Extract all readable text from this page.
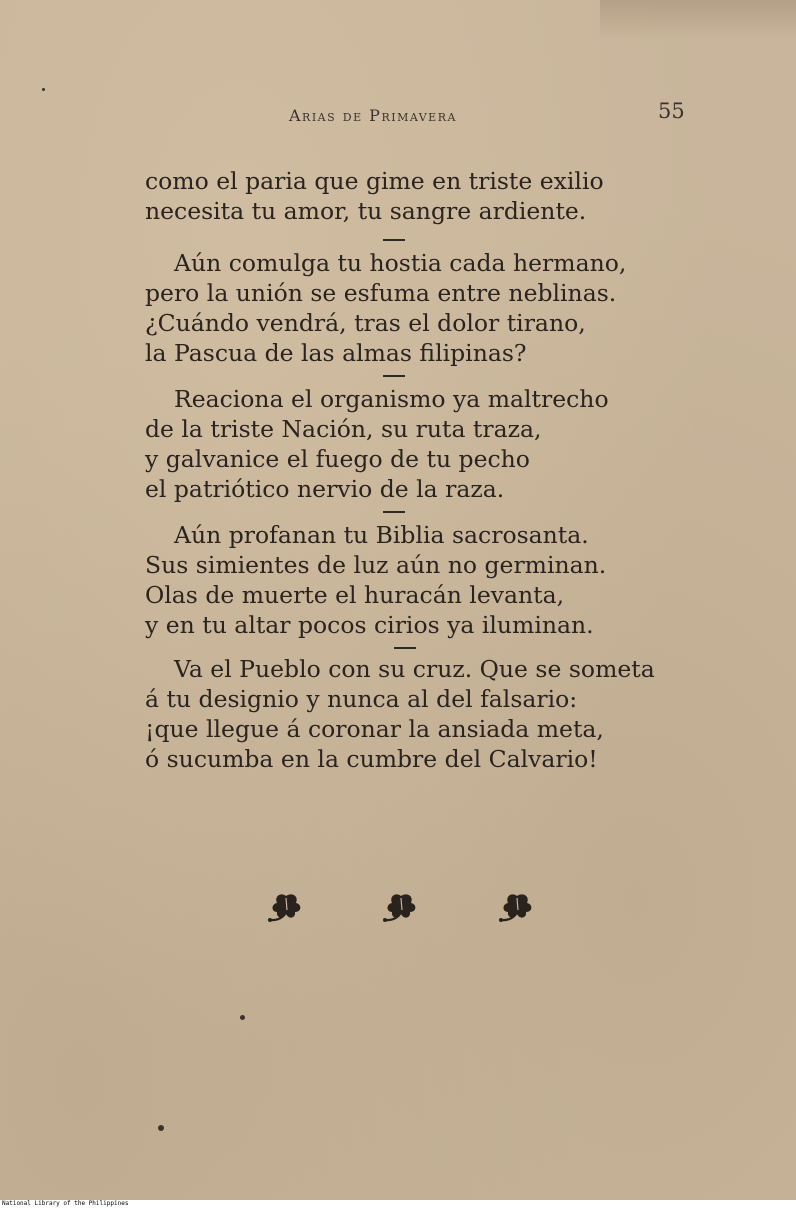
Arias de Primavera	55
como el paria que gime en triste exilio
necesita tu amor, tu sangre ardiente.
Aún comulga tu hostia cada hermano,
pero la unión se esfuma entre neblinas.
¿Cuándo vendrá, tras el dolor tirano,
la Pascua de las almas filipinas?
Reaciona el organismo ya maltrecho
de la triste Nación, su ruta traza,
y galvanice el fuego de tu pecho
el patriótico nervio de la raza.
Aún profanan tu Biblia sacrosanta.
Sus simientes de luz aún no germinan.
Olas de muerte el huracán levanta,
y en tu altar pocos cirios ya iluminan.
Va el Pueblo con su cruz. Que se someta
á tu designio y nunca al del falsario:
¡que llegue á coronar la ansiada meta,
ó sucumba en la cumbre del Calvario!
National Library of the Philippines
